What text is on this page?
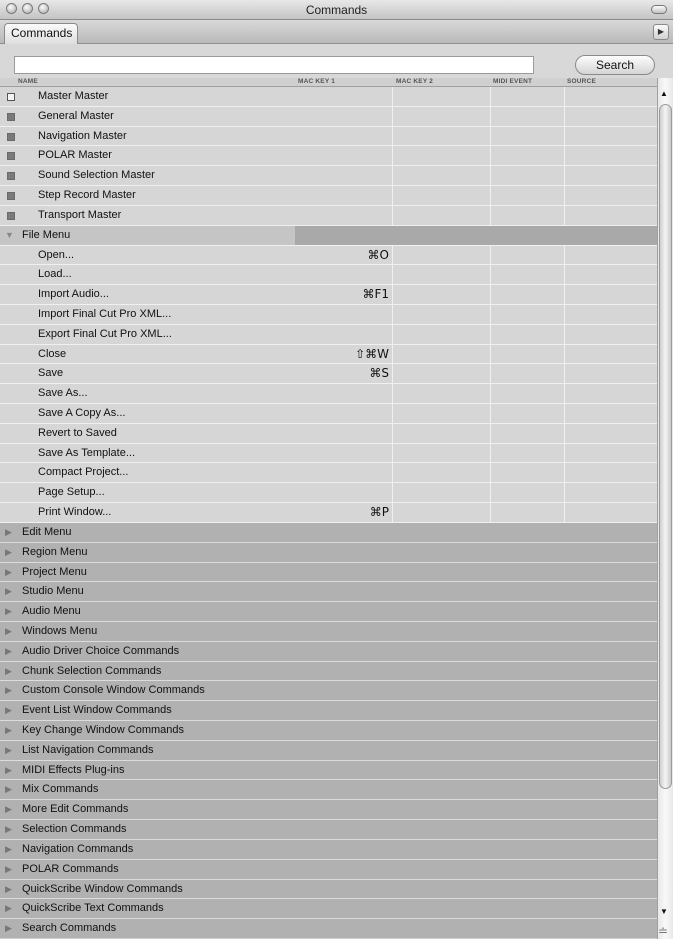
Commands
Commands	▶
Search
NAME	MAC KEY 1	MAC KEY 2	MIDI EVENT	SOURCE
Master Master
General Master
Navigation Master
POLAR Master
Sound Selection Master
Step Record Master
Transport Master
▼ File Menu
Open...	⌘O
Load...
Import Audio...	⌘F1
Import Final Cut Pro XML...
Export Final Cut Pro XML...
Close	⇧⌘W
Save	⌘S
Save As...
Save A Copy As...
Revert to Saved
Save As Template...
Compact Project...
Page Setup...
Print Window...	⌘P
▶ Edit Menu
▶ Region Menu
▶ Project Menu
▶ Studio Menu
▶ Audio Menu
▶ Windows Menu
▶ Audio Driver Choice Commands
▶ Chunk Selection Commands
▶ Custom Console Window Commands
▶ Event List Window Commands
▶ Key Change Window Commands
▶ List Navigation Commands
▶ MIDI Effects Plug-ins
▶ Mix Commands
▶ More Edit Commands
▶ Selection Commands
▶ Navigation Commands
▶ POLAR Commands
▶ QuickScribe Window Commands
▶ QuickScribe Text Commands
▶ Search Commands
▲
▼
≐
